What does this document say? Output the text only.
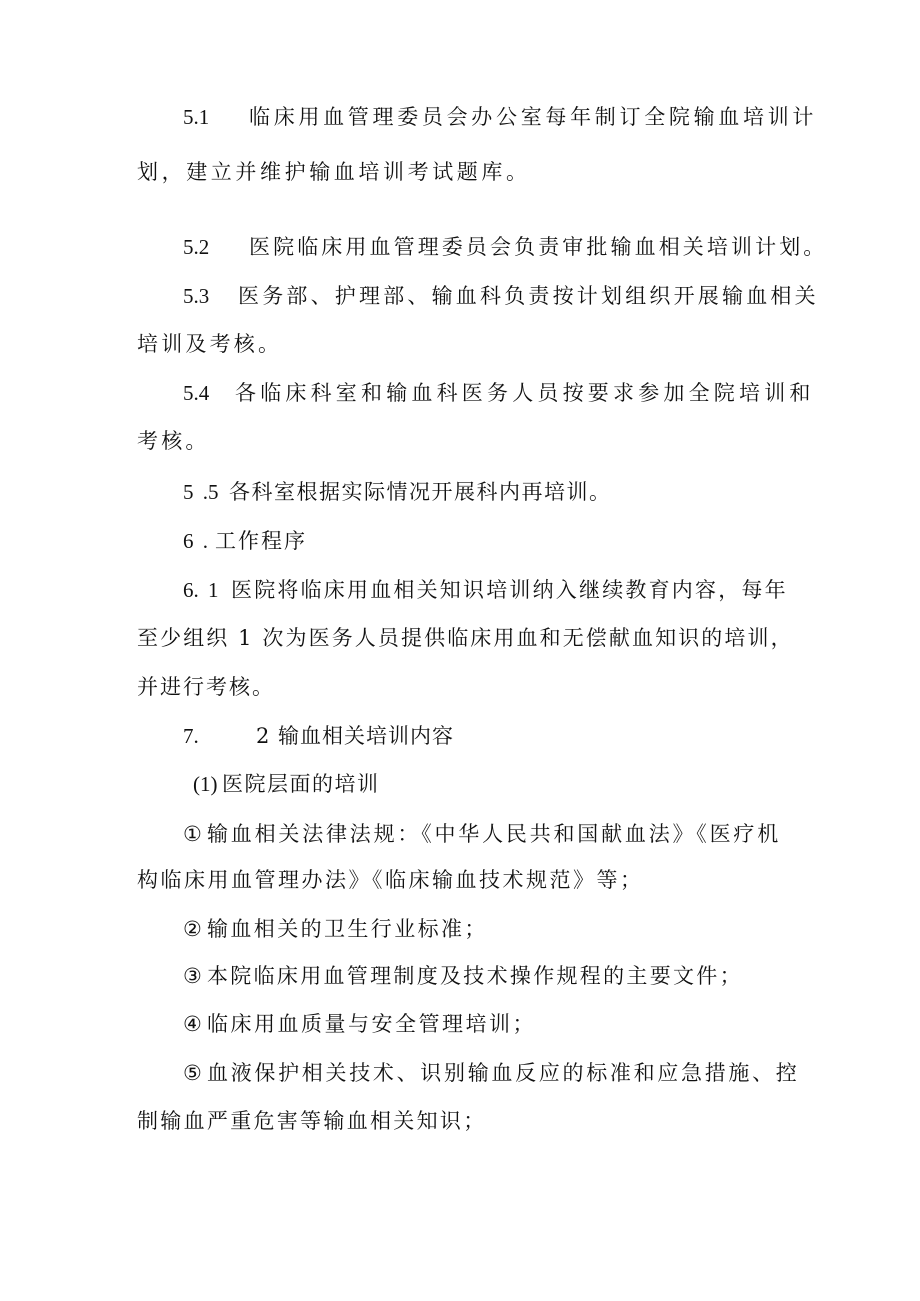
5.1 临床用血管理委员会办公室每年制订全院输血培训计
划，建立并维护输血培训考试题库。
5.2 医院临床用血管理委员会负责审批输血相关培训计划。
5.3 医务部、护理部、输血科负责按计划组织开展输血相关
培训及考核。
5.4 各临床科室和输血科医务人员按要求参加全院培训和
考核。
5 .5 各科室根据实际情况开展科内再培训。
6 . 工作程序
6. 1 医院将临床用血相关知识培训纳入继续教育内容，每年
至少组织 1 次为医务人员提供临床用血和无偿献血知识的培训，
并进行考核。
7.	2 输血相关培训内容
(1) 医院层面的培训
① 输血相关法律法规：《中华人民共和国献血法》《医疗机
构临床用血管理办法》《临床输血技术规范》等；
② 输血相关的卫生行业标准；
③ 本院临床用血管理制度及技术操作规程的主要文件；
④ 临床用血质量与安全管理培训；
⑤ 血液保护相关技术、识别输血反应的标准和应急措施、控
制输血严重危害等输血相关知识；
